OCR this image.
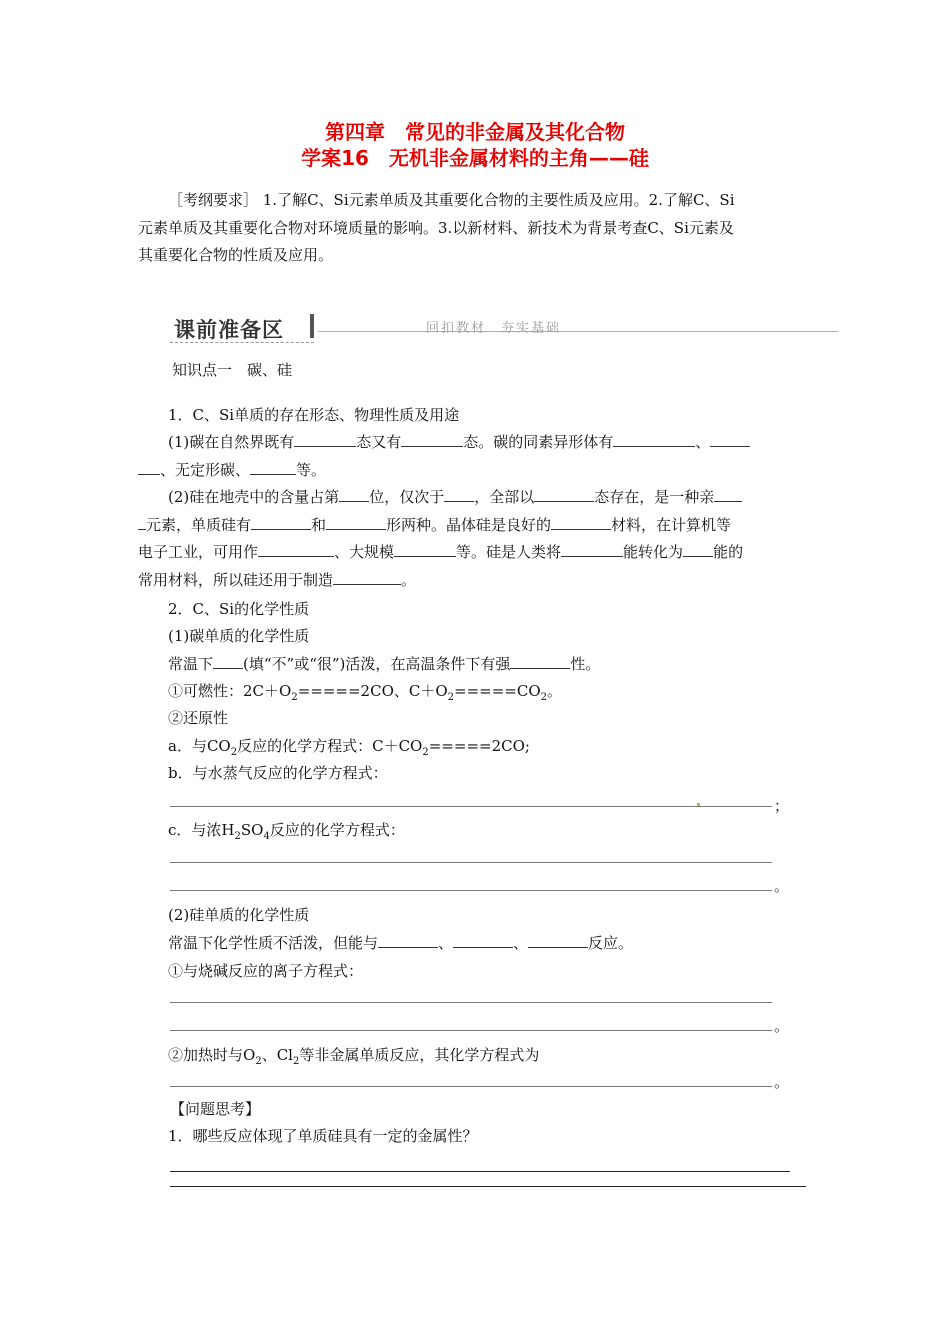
第四章　常见的非金属及其化合物
学案16　无机非金属材料的主角——硅
［考纲要求］ 1.了解C、Si元素单质及其重要化合物的主要性质及应用。2.了解C、Si
元素单质及其重要化合物对环境质量的影响。3.以新材料、新技术为背景考查C、Si元素及
其重要化合物的性质及应用。
课前准备区	回扣教材　夯实基础
知识点一　碳、硅
1．C、Si单质的存在形态、物理性质及用途
(1)碳在自然界既有	态又有	态。碳的同素异形体有	、
、无定形碳、	等。
(2)硅在地壳中的含量占第 位，仅次于 ，全部以	态存在，是一种亲
元素，单质硅有	和	形两种。晶体硅是良好的	材料，在计算机等
电子工业，可用作	、大规模	等。硅是人类将	能转化为 能的
常用材料，所以硅还用于制造	。
2．C、Si的化学性质
(1)碳单质的化学性质
常温下 (填“不”或“很”)活泼，在高温条件下有强	性。
①可燃性：$2C+O_2=====2CO$、$C+O_2=====CO_2$。
②还原性
a．与$CO_2$反应的化学方程式：$C+CO_2=====2CO$;
b．与水蒸气反应的化学方程式：
；
c．与浓$H_2SO_4$反应的化学方程式：
。
(2)硅单质的化学性质
常温下化学性质不活泼，但能与	、	、	反应。
①与烧碱反应的离子方程式：
。
②加热时与$O_2$、$Cl_2$等非金属单质反应，其化学方程式为
。
【问题思考】
1．哪些反应体现了单质硅具有一定的金属性？
